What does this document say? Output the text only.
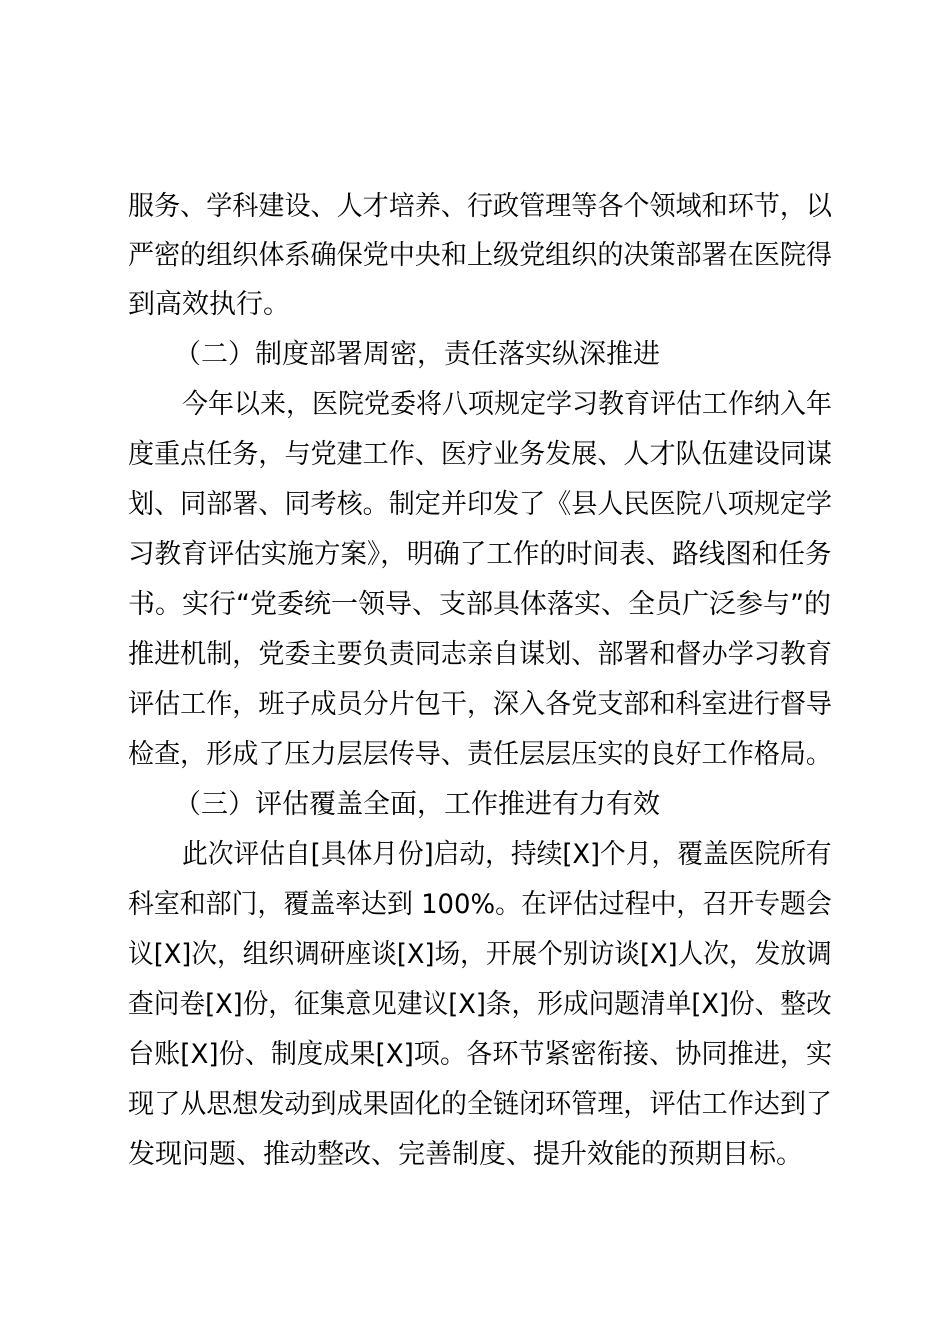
服务、学科建设、人才培养、行政管理等各个领域和环节，以
严密的组织体系确保党中央和上级党组织的决策部署在医院得
到高效执行。
（二）制度部署周密，责任落实纵深推进
今年以来，医院党委将八项规定学习教育评估工作纳入年
度重点任务，与党建工作、医疗业务发展、人才队伍建设同谋
划、同部署、同考核。制定并印发了《县人民医院八项规定学
习教育评估实施方案》，明确了工作的时间表、路线图和任务
书。实行“党委统一领导、支部具体落实、全员广泛参与”的
推进机制，党委主要负责同志亲自谋划、部署和督办学习教育
评估工作，班子成员分片包干，深入各党支部和科室进行督导
检查，形成了压力层层传导、责任层层压实的良好工作格局。
（三）评估覆盖全面，工作推进有力有效
此次评估自[具体月份]启动，持续[X]个月，覆盖医院所有
科室和部门，覆盖率达到 100%。在评估过程中，召开专题会
议[X]次，组织调研座谈[X]场，开展个别访谈[X]人次，发放调
查问卷[X]份，征集意见建议[X]条，形成问题清单[X]份、整改
台账[X]份、制度成果[X]项。各环节紧密衔接、协同推进，实
现了从思想发动到成果固化的全链闭环管理，评估工作达到了
发现问题、推动整改、完善制度、提升效能的预期目标。
